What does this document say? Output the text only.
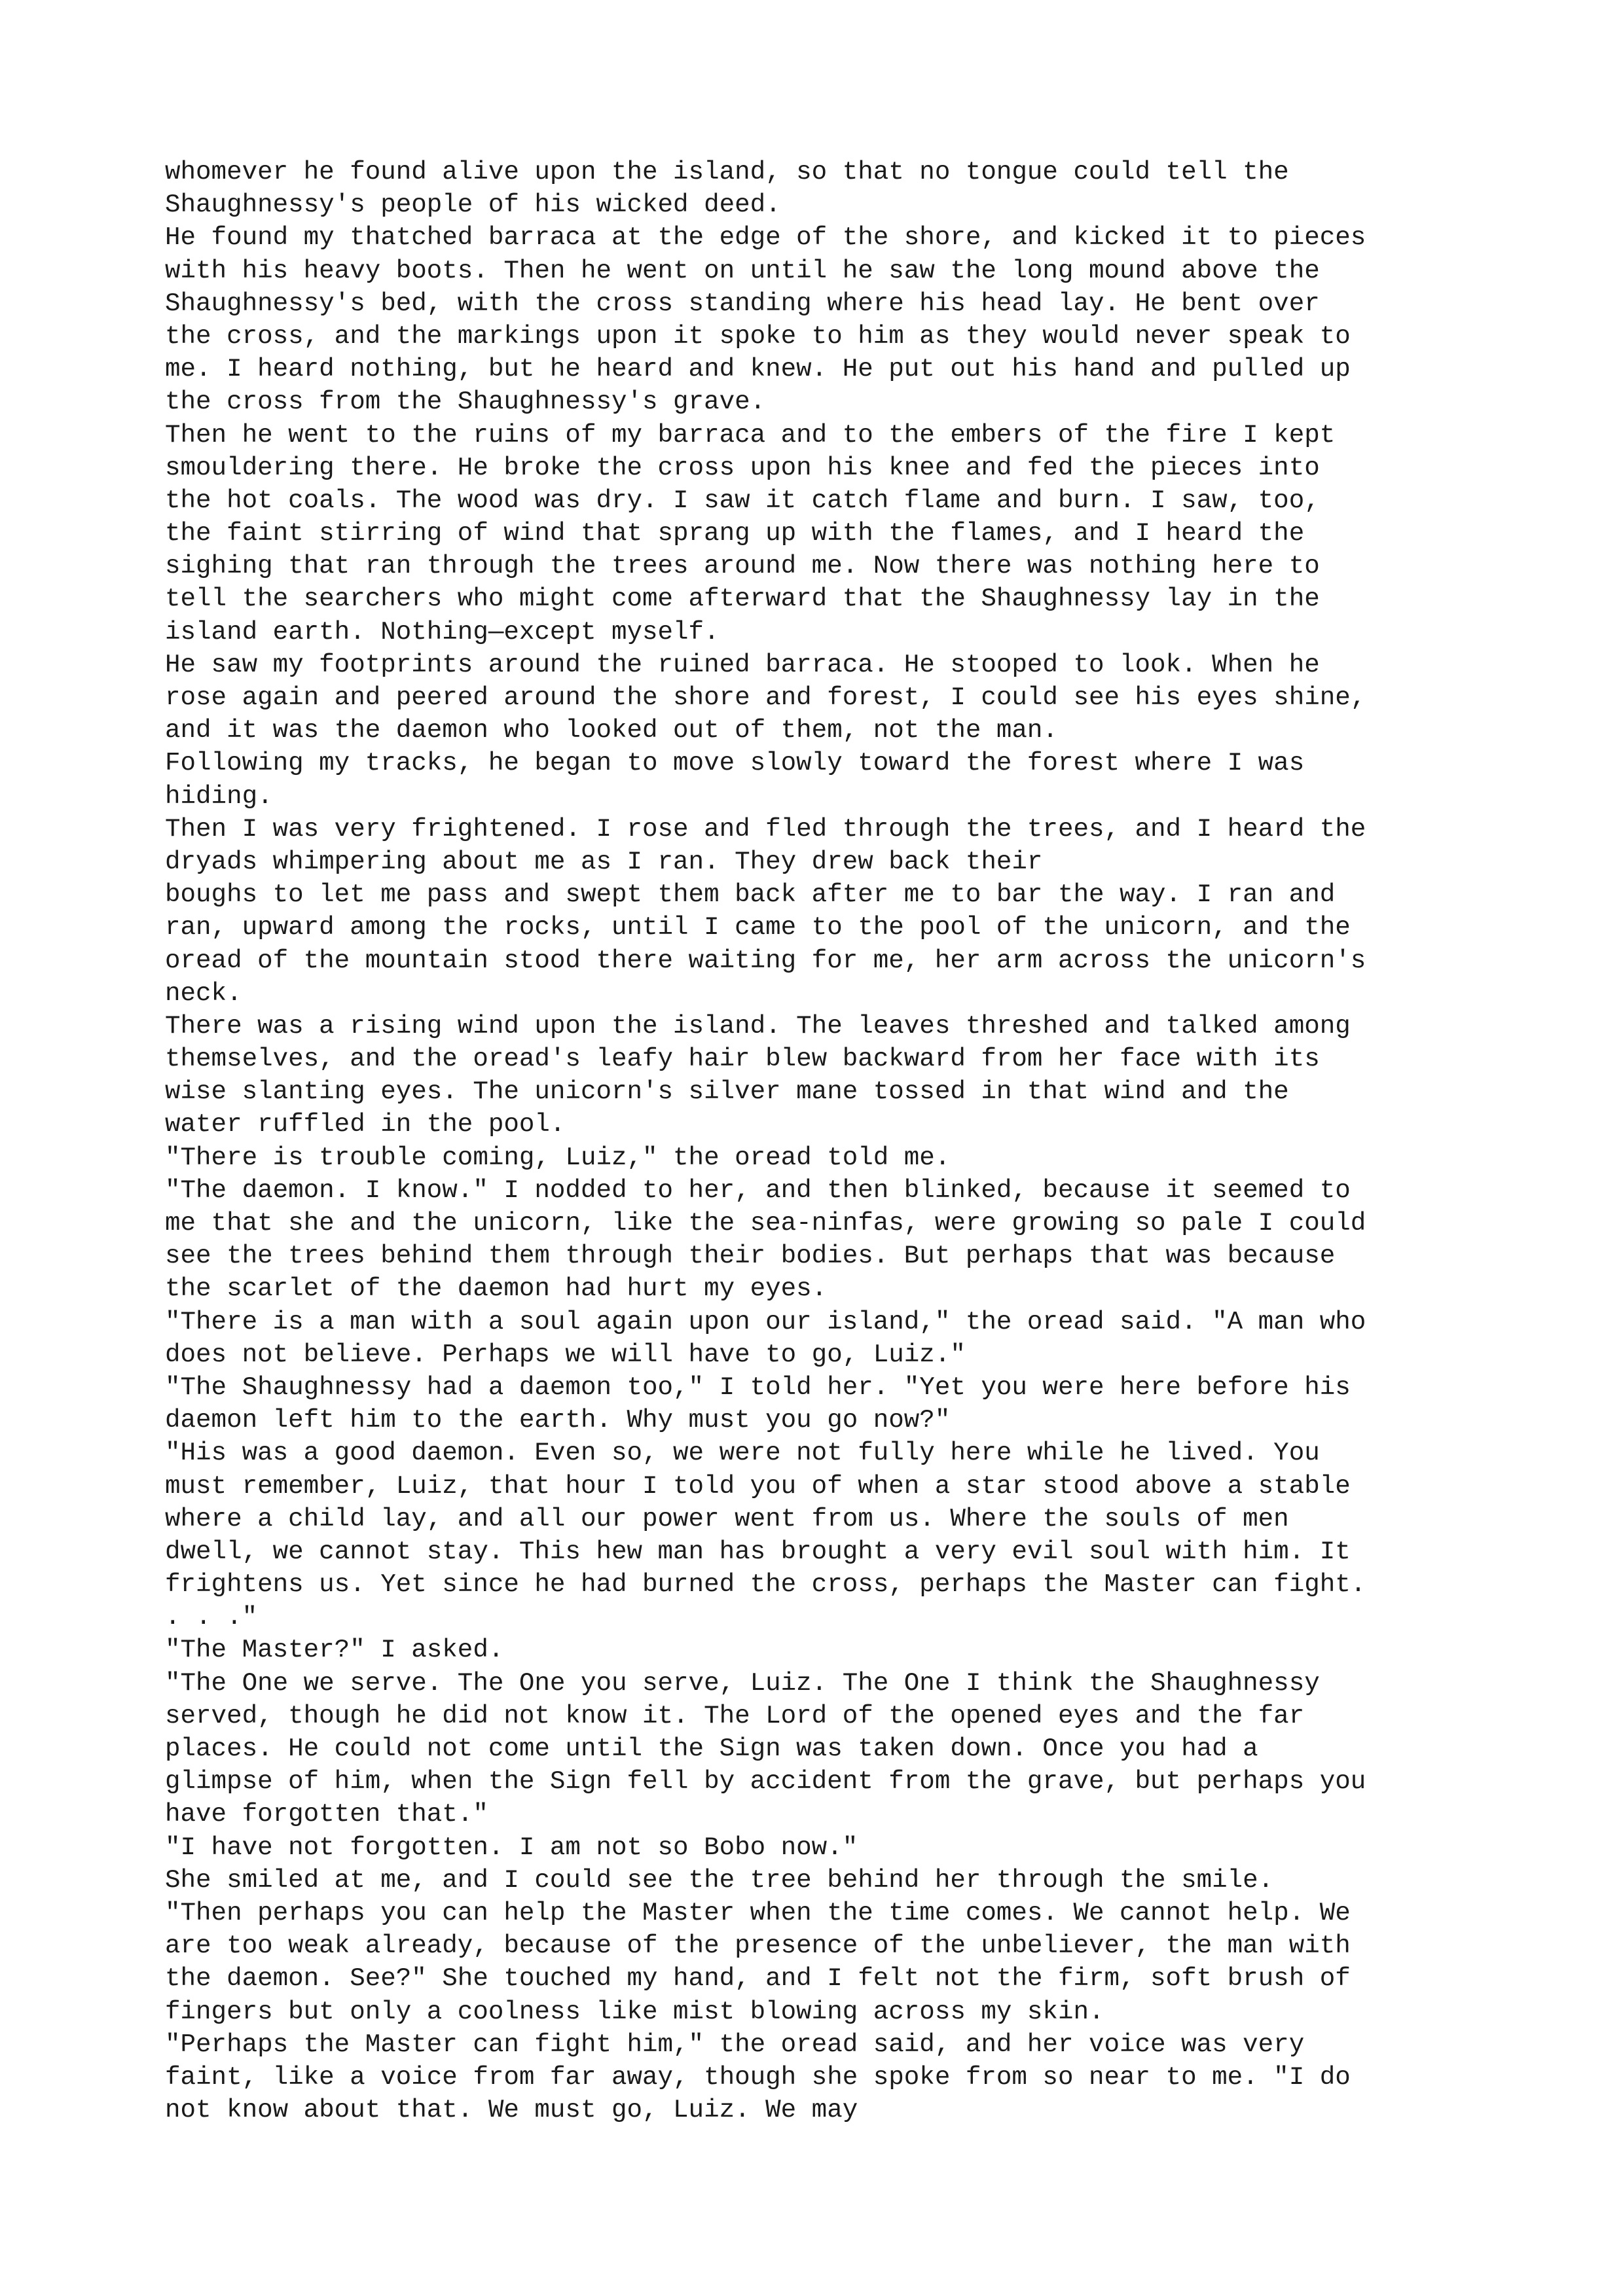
whomever he found alive upon the island, so that no tongue could tell the
Shaughnessy's people of his wicked deed.
He found my thatched barraca at the edge of the shore, and kicked it to pieces
with his heavy boots. Then he went on until he saw the long mound above the
Shaughnessy's bed, with the cross standing where his head lay. He bent over
the cross, and the markings upon it spoke to him as they would never speak to
me. I heard nothing, but he heard and knew. He put out his hand and pulled up
the cross from the Shaughnessy's grave.
Then he went to the ruins of my barraca and to the embers of the fire I kept
smouldering there. He broke the cross upon his knee and fed the pieces into
the hot coals. The wood was dry. I saw it catch flame and burn. I saw, too,
the faint stirring of wind that sprang up with the flames, and I heard the
sighing that ran through the trees around me. Now there was nothing here to
tell the searchers who might come afterward that the Shaughnessy lay in the
island earth. Nothing—except myself.
He saw my footprints around the ruined barraca. He stooped to look. When he
rose again and peered around the shore and forest, I could see his eyes shine,
and it was the daemon who looked out of them, not the man.
Following my tracks, he began to move slowly toward the forest where I was
hiding.
Then I was very frightened. I rose and fled through the trees, and I heard the
dryads whimpering about me as I ran. They drew back their
boughs to let me pass and swept them back after me to bar the way. I ran and
ran, upward among the rocks, until I came to the pool of the unicorn, and the
oread of the mountain stood there waiting for me, her arm across the unicorn's
neck.
There was a rising wind upon the island. The leaves threshed and talked among
themselves, and the oread's leafy hair blew backward from her face with its
wise slanting eyes. The unicorn's silver mane tossed in that wind and the
water ruffled in the pool.
"There is trouble coming, Luiz," the oread told me.
"The daemon. I know." I nodded to her, and then blinked, because it seemed to
me that she and the unicorn, like the sea-ninfas, were growing so pale I could
see the trees behind them through their bodies. But perhaps that was because
the scarlet of the daemon had hurt my eyes.
"There is a man with a soul again upon our island," the oread said. "A man who
does not believe. Perhaps we will have to go, Luiz."
"The Shaughnessy had a daemon too," I told her. "Yet you were here before his
daemon left him to the earth. Why must you go now?"
"His was a good daemon. Even so, we were not fully here while he lived. You
must remember, Luiz, that hour I told you of when a star stood above a stable
where a child lay, and all our power went from us. Where the souls of men
dwell, we cannot stay. This hew man has brought a very evil soul with him. It
frightens us. Yet since he had burned the cross, perhaps the Master can fight.
. . ."
"The Master?" I asked.
"The One we serve. The One you serve, Luiz. The One I think the Shaughnessy
served, though he did not know it. The Lord of the opened eyes and the far
places. He could not come until the Sign was taken down. Once you had a
glimpse of him, when the Sign fell by accident from the grave, but perhaps you
have forgotten that."
"I have not forgotten. I am not so Bobo now."
She smiled at me, and I could see the tree behind her through the smile.
"Then perhaps you can help the Master when the time comes. We cannot help. We
are too weak already, because of the presence of the unbeliever, the man with
the daemon. See?" She touched my hand, and I felt not the firm, soft brush of
fingers but only a coolness like mist blowing across my skin.
"Perhaps the Master can fight him," the oread said, and her voice was very
faint, like a voice from far away, though she spoke from so near to me. "I do
not know about that. We must go, Luiz. We may
